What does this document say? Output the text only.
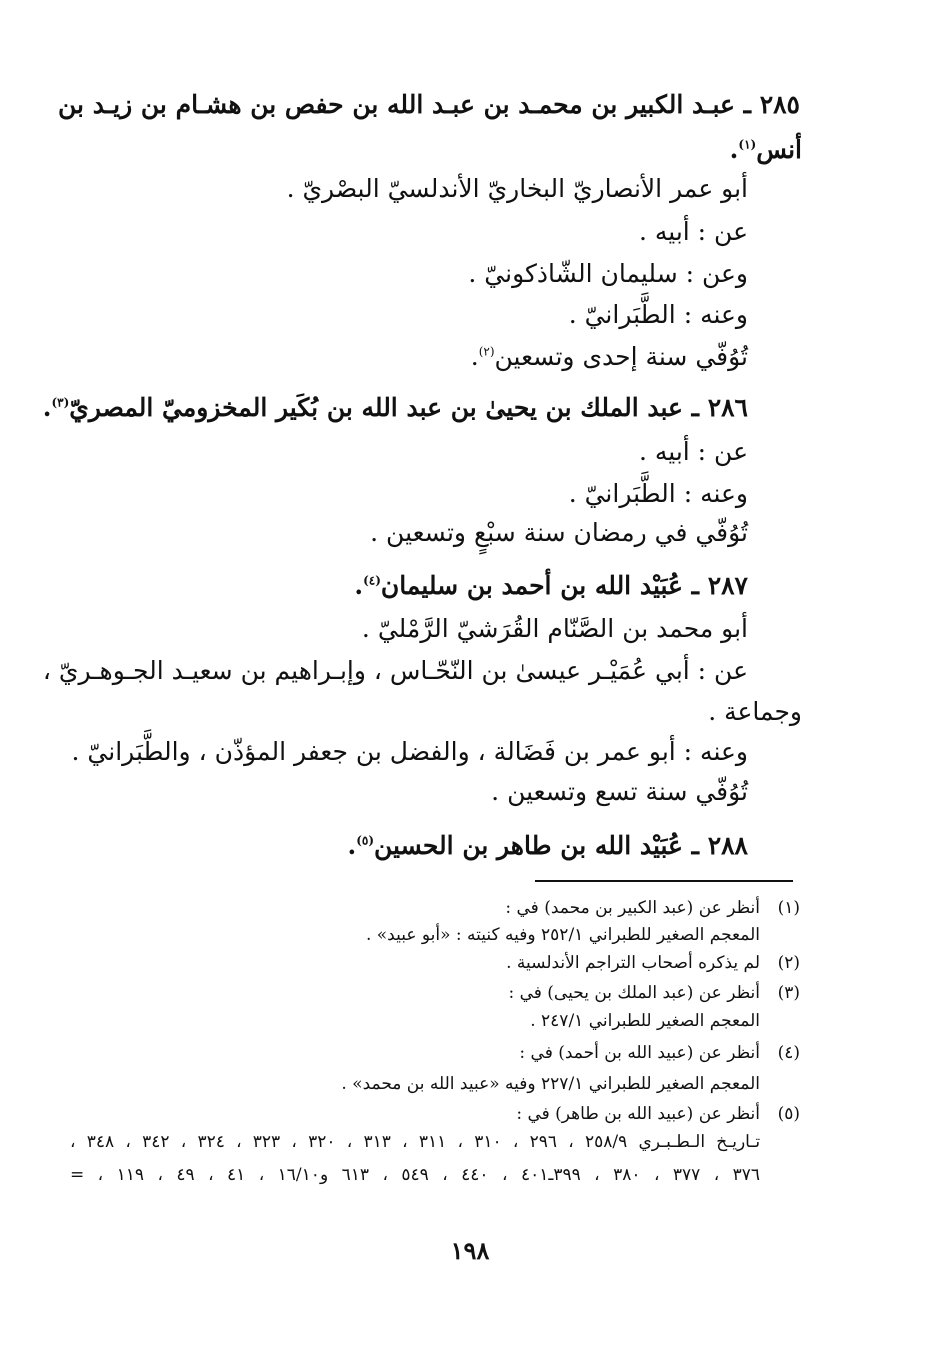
٢٨٥ ـ عبـد الكبير بن محمـد بن عبـد الله بن حفص بن هشـام بن زيـد بن
أنس$^{(١)}$.
أبو عمر الأنصاريّ البخاريّ الأندلسيّ البصْريّ .
عن : أبيه .
وعن : سليمان الشّاذكونيّ .
وعنه : الطَّبَرانيّ .
تُوُفّي سنة إحدى وتسعين$^{(٢)}$.
٢٨٦ ـ عبد الملك بن يحيىٰ بن عبد الله بن بُكَير المخزوميّ المصريّ$^{(٣)}$.
عن : أبيه .
وعنه : الطَّبَرانيّ .
تُوُفّي في رمضان سنة سبْعٍ وتسعين .
٢٨٧ ـ عُبَيْد الله بن أحمد بن سليمان$^{(٤)}$.
أبو محمد بن الصَّنّام القُرَشيّ الرَّمْليّ .
عن : أبي عُمَيْـر عيسىٰ بن النّحّـاس ، وإبـراهيم بن سعيـد الجـوهـريّ ،
وجماعة .
وعنه : أبو عمر بن فَضَالة ، والفضل بن جعفر المؤذّن ، والطَّبَرانيّ .
تُوُفّي سنة تسع وتسعين .
٢٨٨ ـ عُبَيْد الله بن طاهر بن الحسين$^{(٥)}$.
(١)أنظر عن (عبد الكبير بن محمد) في :
المعجم الصغير للطبراني ٢٥٢/١ وفيه كنيته : «أبو عبيد» .
(٢)لم يذكره أصحاب التراجم الأندلسية .
(٣)أنظر عن (عبد الملك بن يحيى) في :
المعجم الصغير للطبراني ٢٤٧/١ .
(٤)أنظر عن (عبيد الله بن أحمد) في :
المعجم الصغير للطبراني ٢٢٧/١ وفيه «عبيد الله بن محمد» .
(٥)أنظر عن (عبيد الله بن طاهر) في :
تـاريـخ الـطـبـري ٢٥٨/٩ ، ٢٩٦ ، ٣١٠ ، ٣١١ ، ٣١٣ ، ٣٢٠ ، ٣٢٣ ، ٣٢٤ ، ٣٤٢ ، ٣٤٨ ،
٣٧٦ ، ٣٧٧ ، ٣٨٠ ، ٣٩٩ـ٤٠١ ، ٤٤٠ ، ٥٤٩ ، ٦١٣ و١٦/١٠ ، ٤١ ، ٤٩ ، ١١٩ ، =
١٩٨
